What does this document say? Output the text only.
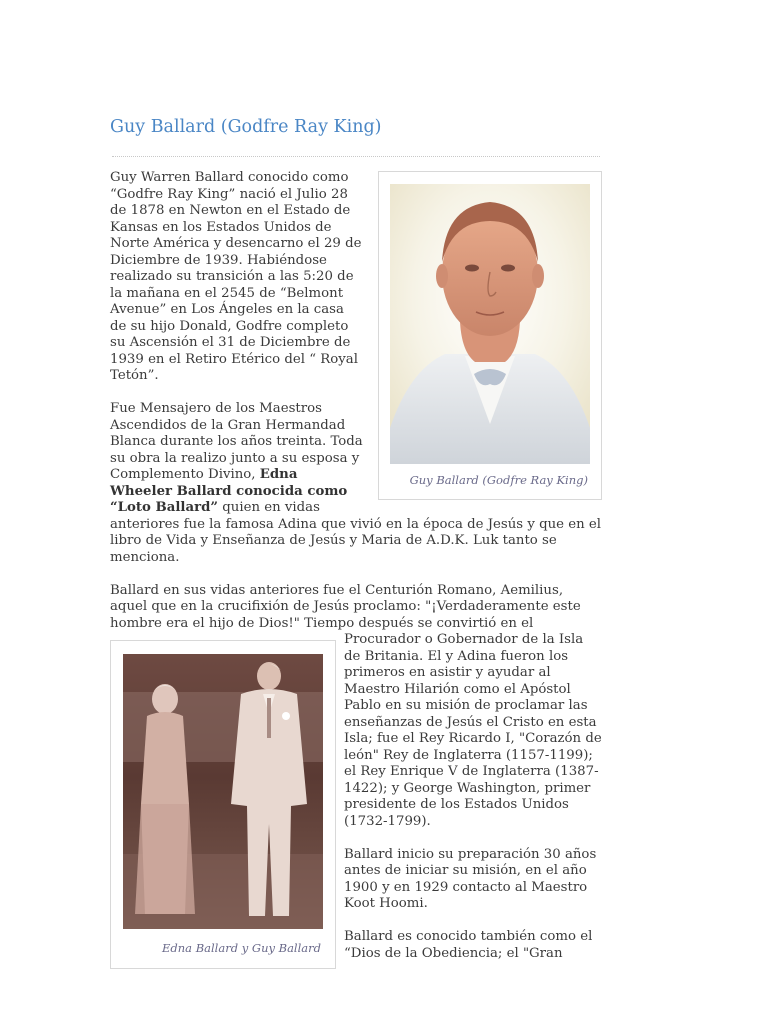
Guy Ballard (Godfre Ray King)
Guy Ballard (Godfre Ray King)

Guy Warren Ballard conocido como “Godfre Ray King” nació el Julio 28 de 1878 en Newton en el Estado de Kansas en los Estados Unidos de Norte América y desencarno el 29 de Diciembre de 1939. Habiéndose realizado su transición a las 5:20 de la mañana en el 2545 de “Belmont Avenue” en Los Ángeles en la casa de su hijo Donald, Godfre completo su Ascensión el 31 de Diciembre de 1939 en el Retiro Etérico del “ Royal Tetón”.

Fue Mensajero de los Maestros Ascendidos de la Gran Hermandad Blanca durante los años treinta. Toda su obra la realizo junto a su esposa y Complemento Divino, Edna Wheeler Ballard conocida como “Loto Ballard” quien en vidas anteriores fue la famosa Adina que vivió en la época de Jesús y que en el libro de Vida y Enseñanza de Jesús y Maria de A.D.K. Luk tanto se menciona.

Ballard en sus vidas anteriores fue el Centurión Romano, Aemilius, aquel que en la crucifixión de Jesús proclamo: "¡Verdaderamente este hombre era el hijo de Dios!" Tiempo después se convirtió en el

Edna Ballard y Guy Ballard

Procurador o Gobernador de la Isla de Britania. El y Adina fueron los primeros en asistir y ayudar al Maestro Hilarión como el Apóstol Pablo en su misión de proclamar las enseñanzas de Jesús el Cristo en esta Isla; fue el Rey Ricardo I, "Corazón de león" Rey de Inglaterra (1157-1199); el Rey Enrique V de Inglaterra (1387-1422); y George Washington, primer presidente de los Estados Unidos (1732-1799).

Ballard inicio su preparación 30 años antes de iniciar su misión, en el año 1900 y en 1929 contacto al Maestro Koot Hoomi.

Ballard es conocido también como el “Dios de la Obediencia; el "Gran
